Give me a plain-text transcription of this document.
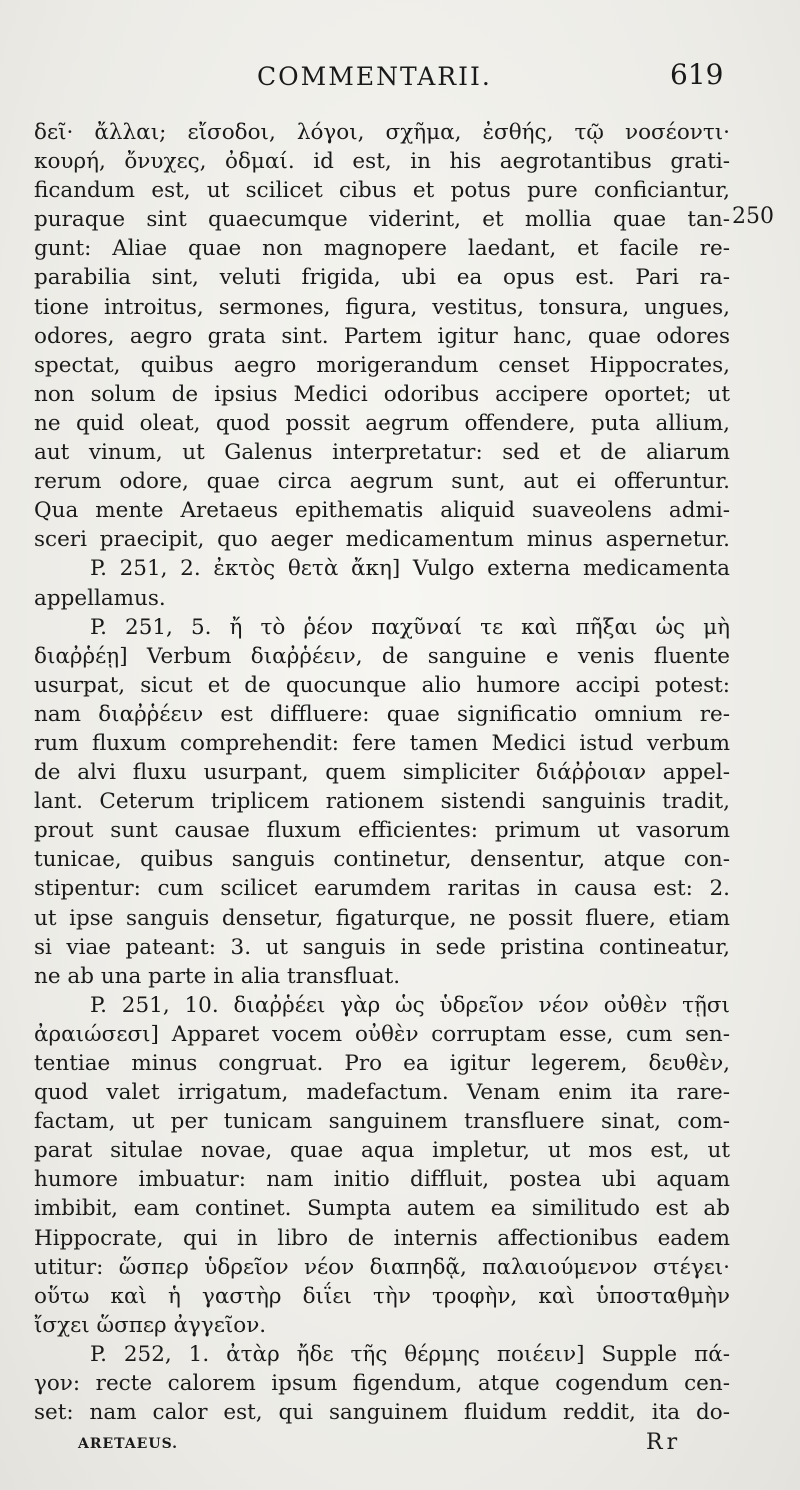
COMMENTARII.	619
250
δεῖ· ἄλλαι; εἴσοδοι, λόγοι, σχῆμα, ἐσθής, τῷ νοσέοντι·
κουρή, ὄνυχες, ὀδμαί. id est, in his aegrotantibus grati-
ficandum est, ut scilicet cibus et potus pure conficiantur,
puraque sint quaecumque viderint, et mollia quae tan-
gunt: Aliae quae non magnopere laedant, et facile re-
parabilia sint, veluti frigida, ubi ea opus est. Pari ra-
tione introitus, sermones, figura, vestitus, tonsura, ungues,
odores, aegro grata sint. Partem igitur hanc, quae odores
spectat, quibus aegro morigerandum censet Hippocrates,
non solum de ipsius Medici odoribus accipere oportet; ut
ne quid oleat, quod possit aegrum offendere, puta allium,
aut vinum, ut Galenus interpretatur: sed et de aliarum
rerum odore, quae circa aegrum sunt, aut ei offeruntur.
Qua mente Aretaeus epithematis aliquid suaveolens admi-
sceri praecipit, quo aeger medicamentum minus aspernetur.
P. 251, 2. ἐκτὸς θετὰ ἄκη] Vulgo externa medicamenta
appellamus.
P. 251, 5. ἤ τὸ ῥέον παχῦναί τε καὶ πῆξαι ὡς μὴ
διαῤῥέῃ] Verbum διαῤῥέειν, de sanguine e venis fluente
usurpat, sicut et de quocunque alio humore accipi potest:
nam διαῤῥέειν est diffluere: quae significatio omnium re-
rum fluxum comprehendit: fere tamen Medici istud verbum
de alvi fluxu usurpant, quem simpliciter διάῤῥοιαν appel-
lant. Ceterum triplicem rationem sistendi sanguinis tradit,
prout sunt causae fluxum efficientes: primum ut vasorum
tunicae, quibus sanguis continetur, densentur, atque con-
stipentur: cum scilicet earumdem raritas in causa est: 2.
ut ipse sanguis densetur, figaturque, ne possit fluere, etiam
si viae pateant: 3. ut sanguis in sede pristina contineatur,
ne ab una parte in alia transfluat.
P. 251, 10. διαῤῥέει γὰρ ὡς ὑδρεῖον νέον οὐθὲν τῇσι
ἀραιώσεσι] Apparet vocem οὐθὲν corruptam esse, cum sen-
tentiae minus congruat. Pro ea igitur legerem, δευθὲν,
quod valet irrigatum, madefactum. Venam enim ita rare-
factam, ut per tunicam sanguinem transfluere sinat, com-
parat situlae novae, quae aqua impletur, ut mos est, ut
humore imbuatur: nam initio diffluit, postea ubi aquam
imbibit, eam continet. Sumpta autem ea similitudo est ab
Hippocrate, qui in libro de internis affectionibus eadem
utitur: ὥσπερ ὑδρεῖον νέον διαπηδᾷ, παλαιούμενον στέγει·
οὕτω καὶ ἡ γαστὴρ διΐει τὴν τροφὴν, καὶ ὑποσταθμὴν
ἴσχει ὥσπερ ἀγγεῖον.
P. 252, 1. ἀτὰρ ἤδε τῆς θέρμης ποιέειν] Supple πά-
γον: recte calorem ipsum figendum, atque cogendum cen-
set: nam calor est, qui sanguinem fluidum reddit, ita do-
ARETAEUS.	Rr
